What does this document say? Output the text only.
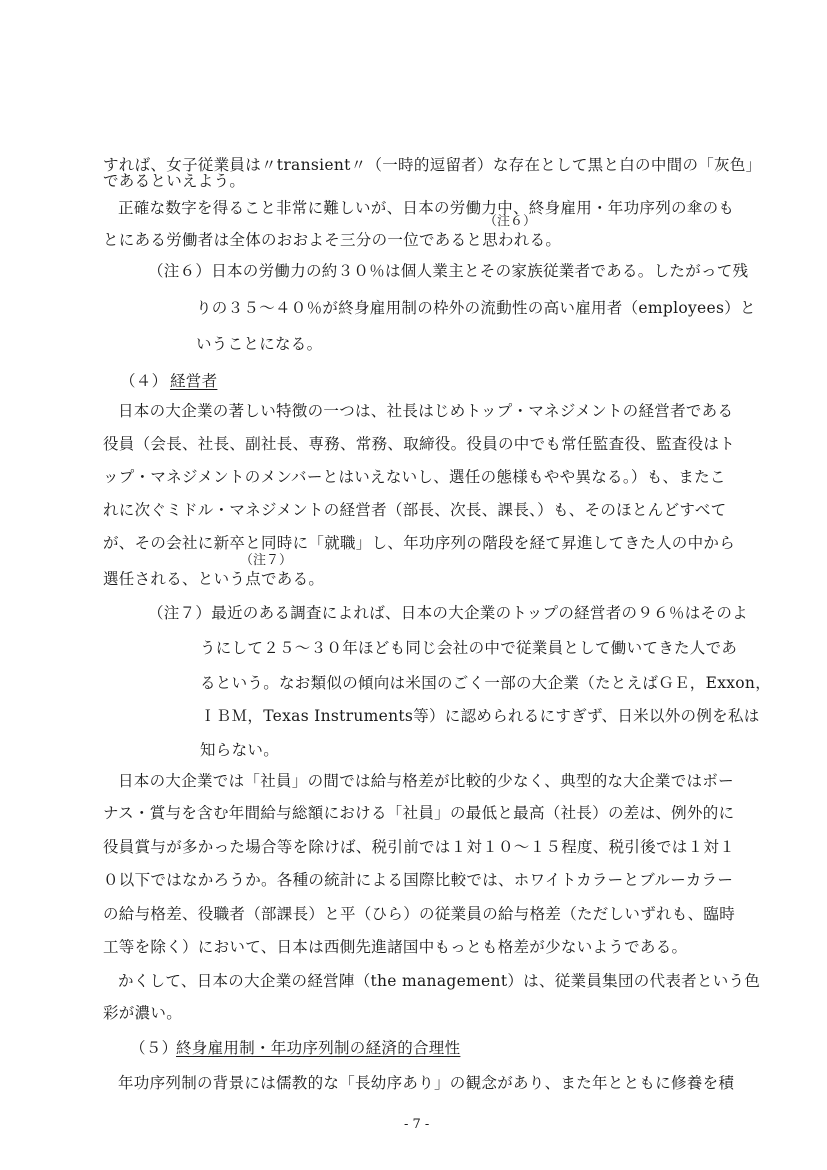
すれば、女子従業員は〃transient〃（一時的逗留者）な存在として黒と白の中間の「灰色」
であるといえよう。
正確な数字を得ること非常に難しいが、日本の労働力中、終身雇用・年功序列の傘のも
（注６）
とにある労働者は全体のおおよそ三分の一位であると思われる。
（注６）日本の労働力の約３０％は個人業主とその家族従業者である。したがって残
りの３５～４０％が終身雇用制の枠外の流動性の高い雇用者（employees）と
いうことになる。
（４） 経営者
日本の大企業の著しい特徴の一つは、社長はじめトップ・マネジメントの経営者である
役員（会長、社長、副社長、専務、常務、取締役。役員の中でも常任監査役、監査役はト
ップ・マネジメントのメンバーとはいえないし、選任の態様もやや異なる。）も、またこ
れに次ぐミドル・マネジメントの経営者（部長、次長、課長、）も、そのほとんどすべて
が、その会社に新卒と同時に「就職」し、年功序列の階段を経て昇進してきた人の中から
（注７）
選任される、という点である。
（注７）最近のある調査によれば、日本の大企業のトップの経営者の９６％はそのよ
うにして２５～３０年ほども同じ会社の中で従業員として働いてきた人であ
るという。なお類似の傾向は米国のごく一部の大企業（たとえばＧＥ，Exxon，
ＩＢＭ，Texas Instruments等）に認められるにすぎず、日米以外の例を私は
知らない。
日本の大企業では「社員」の間では給与格差が比較的少なく、典型的な大企業ではボー
ナス・賞与を含む年間給与総額における「社員」の最低と最高（社長）の差は、例外的に
役員賞与が多かった場合等を除けば、税引前では１対１０～１５程度、税引後では１対１
０以下ではなかろうか。各種の統計による国際比較では、ホワイトカラーとブルーカラー
の給与格差、役職者（部課長）と平（ひら）の従業員の給与格差（ただしいずれも、臨時
工等を除く）において、日本は西側先進諸国中もっとも格差が少ないようである。
かくして、日本の大企業の経営陣（the management）は、従業員集団の代表者という色
彩が濃い。
（５）
終身雇用制・年功序列制の経済的合理性
年功序列制の背景には儒教的な「長幼序あり」の観念があり、また年とともに修養を積
- 7 -
